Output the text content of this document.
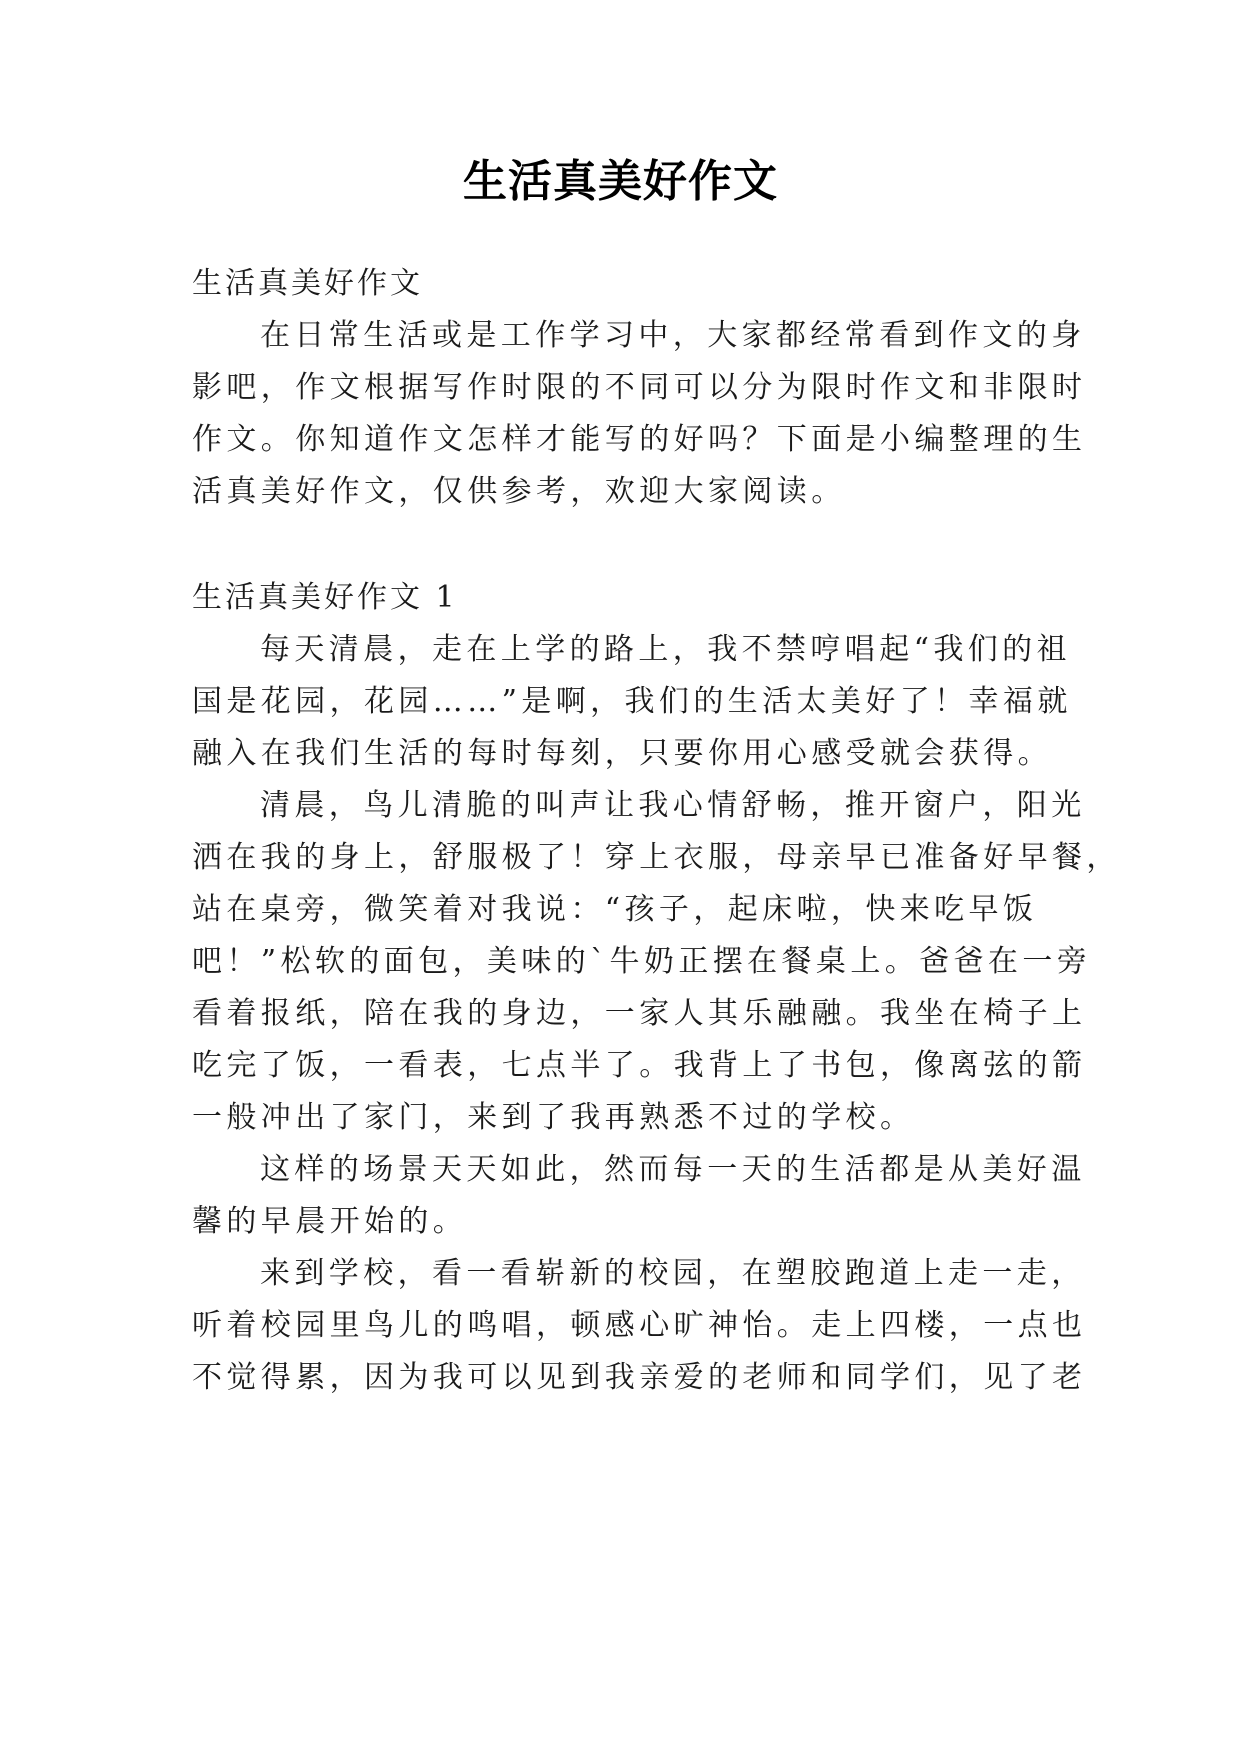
生活真美好作文
生活真美好作文
在日常生活或是工作学习中，大家都经常看到作文的身
影吧，作文根据写作时限的不同可以分为限时作文和非限时
作文。你知道作文怎样才能写的好吗？下面是小编整理的生
活真美好作文，仅供参考，欢迎大家阅读。
生活真美好作文 1
每天清晨，走在上学的路上，我不禁哼唱起“我们的祖
国是花园，花园……”是啊，我们的生活太美好了！幸福就
融入在我们生活的每时每刻，只要你用心感受就会获得。
清晨，鸟儿清脆的叫声让我心情舒畅，推开窗户，阳光
洒在我的身上，舒服极了！穿上衣服，母亲早已准备好早餐，
站在桌旁，微笑着对我说：“孩子，起床啦，快来吃早饭
吧！”松软的面包，美味的`牛奶正摆在餐桌上。爸爸在一旁
看着报纸，陪在我的身边，一家人其乐融融。我坐在椅子上
吃完了饭，一看表，七点半了。我背上了书包，像离弦的箭
一般冲出了家门，来到了我再熟悉不过的学校。
这样的场景天天如此，然而每一天的生活都是从美好温
馨的早晨开始的。
来到学校，看一看崭新的校园，在塑胶跑道上走一走，
听着校园里鸟儿的鸣唱，顿感心旷神怡。走上四楼，一点也
不觉得累，因为我可以见到我亲爱的老师和同学们，见了老
